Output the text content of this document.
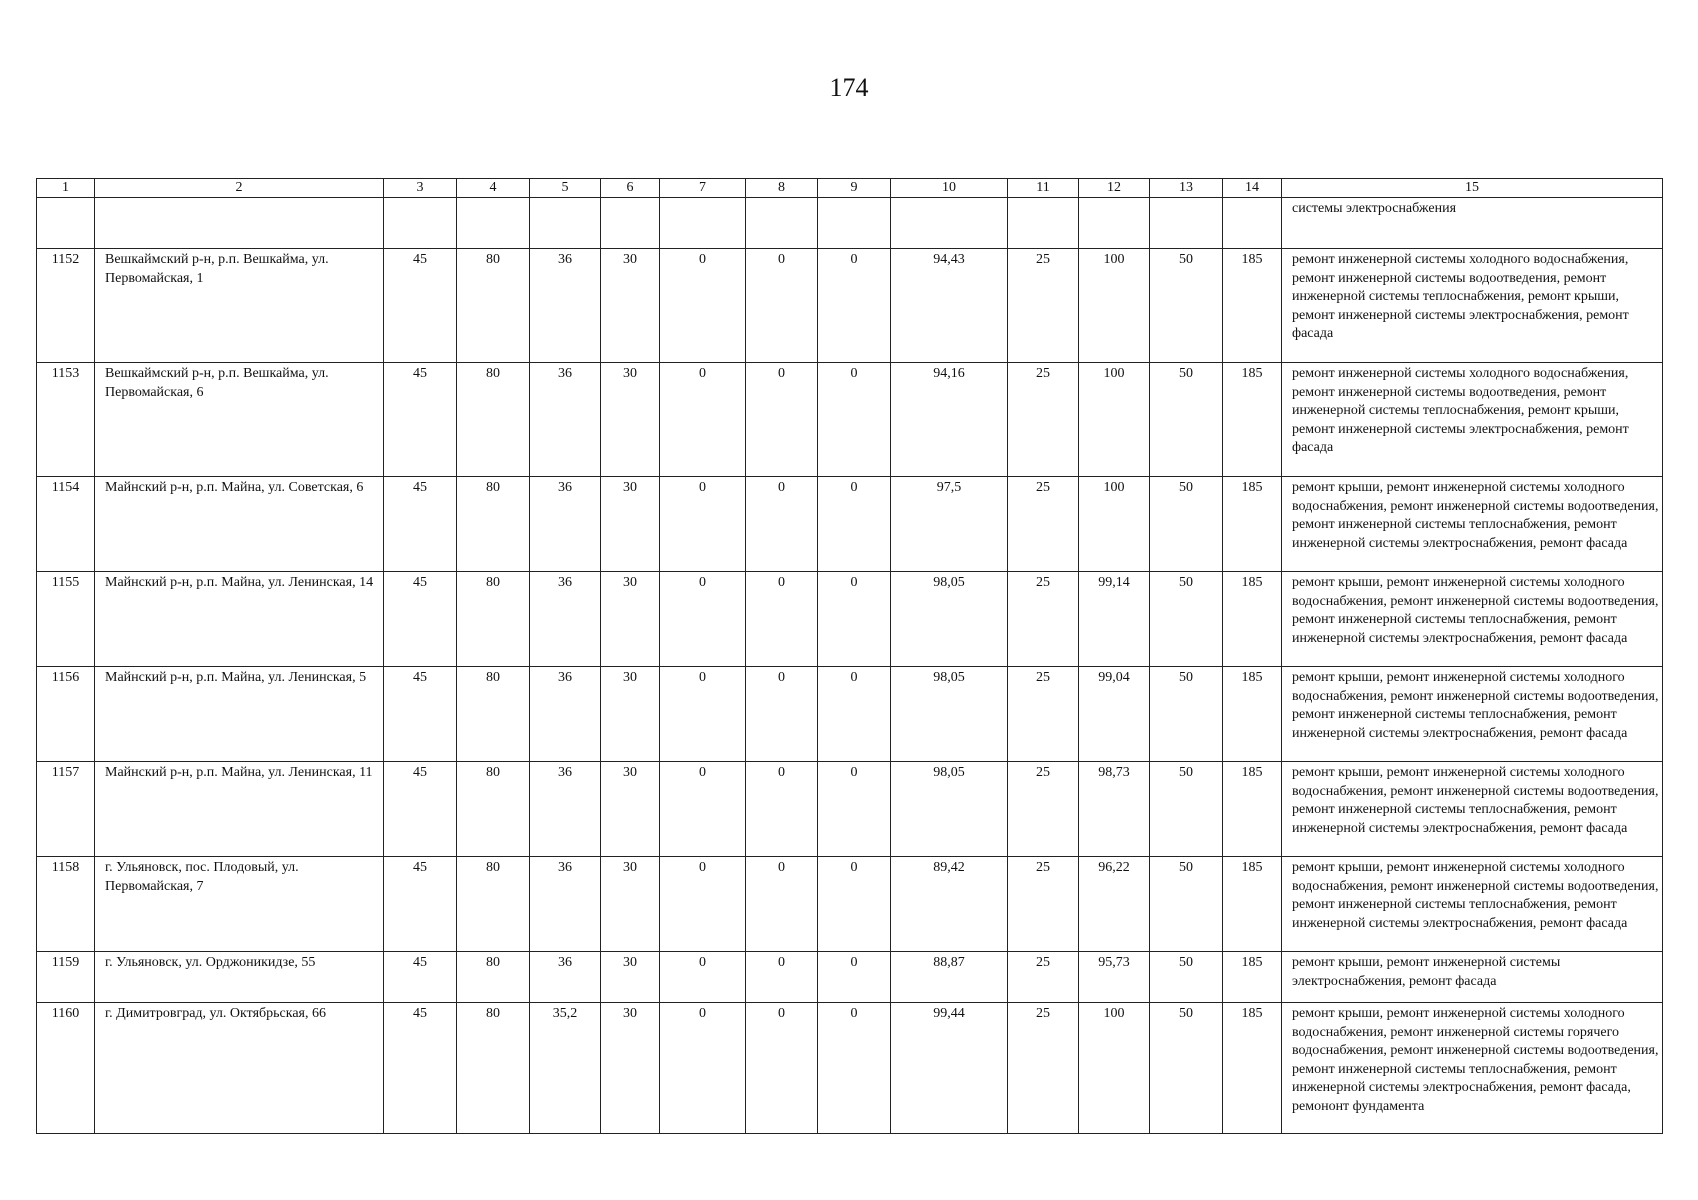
174
1	2	3	4	5	6	7	8	9	10	11	12	13	14	15
														системы электроснабжения
1152	Вешкаймский р-н, р.п. Вешкайма, ул. Первомайская, 1	45	80	36	30	0	0	0	94,43	25	100	50	185	ремонт инженерной системы холодного водоснабжения, ремонт инженерной системы водоотведения, ремонт инженерной системы теплоснабжения, ремонт крыши, ремонт инженерной системы электроснабжения, ремонт фасада
1153	Вешкаймский р-н, р.п. Вешкайма, ул. Первомайская, 6	45	80	36	30	0	0	0	94,16	25	100	50	185	ремонт инженерной системы холодного водоснабжения, ремонт инженерной системы водоотведения, ремонт инженерной системы теплоснабжения, ремонт крыши, ремонт инженерной системы электроснабжения, ремонт фасада
1154	Майнский р-н, р.п. Майна, ул. Советская, 6	45	80	36	30	0	0	0	97,5	25	100	50	185	ремонт крыши, ремонт инженерной системы холодного водоснабжения, ремонт инженерной системы водоотведения, ремонт инженерной системы теплоснабжения, ремонт инженерной системы электроснабжения, ремонт фасада
1155	Майнский р-н, р.п. Майна, ул. Ленинская, 14	45	80	36	30	0	0	0	98,05	25	99,14	50	185	ремонт крыши, ремонт инженерной системы холодного водоснабжения, ремонт инженерной системы водоотведения, ремонт инженерной системы теплоснабжения, ремонт инженерной системы электроснабжения, ремонт фасада
1156	Майнский р-н, р.п. Майна, ул. Ленинская, 5	45	80	36	30	0	0	0	98,05	25	99,04	50	185	ремонт крыши, ремонт инженерной системы холодного водоснабжения, ремонт инженерной системы водоотведения, ремонт инженерной системы теплоснабжения, ремонт инженерной системы электроснабжения, ремонт фасада
1157	Майнский р-н, р.п. Майна, ул. Ленинская, 11	45	80	36	30	0	0	0	98,05	25	98,73	50	185	ремонт крыши, ремонт инженерной системы холодного водоснабжения, ремонт инженерной системы водоотведения, ремонт инженерной системы теплоснабжения, ремонт инженерной системы электроснабжения, ремонт фасада
1158	г. Ульяновск, пос. Плодовый, ул. Первомайская, 7	45	80	36	30	0	0	0	89,42	25	96,22	50	185	ремонт крыши, ремонт инженерной системы холодного водоснабжения, ремонт инженерной системы водоотведения, ремонт инженерной системы теплоснабжения, ремонт инженерной системы электроснабжения, ремонт фасада
1159	г. Ульяновск, ул. Орджоникидзе, 55	45	80	36	30	0	0	0	88,87	25	95,73	50	185	ремонт крыши, ремонт инженерной системы электроснабжения, ремонт фасада
1160	г. Димитровград, ул. Октябрьская, 66	45	80	35,2	30	0	0	0	99,44	25	100	50	185	ремонт крыши, ремонт инженерной системы холодного водоснабжения, ремонт инженерной системы горячего водоснабжения, ремонт инженерной системы водоотведения, ремонт инженерной системы теплоснабжения, ремонт инженерной системы электроснабжения, ремонт фасада, ремононт фундамента
